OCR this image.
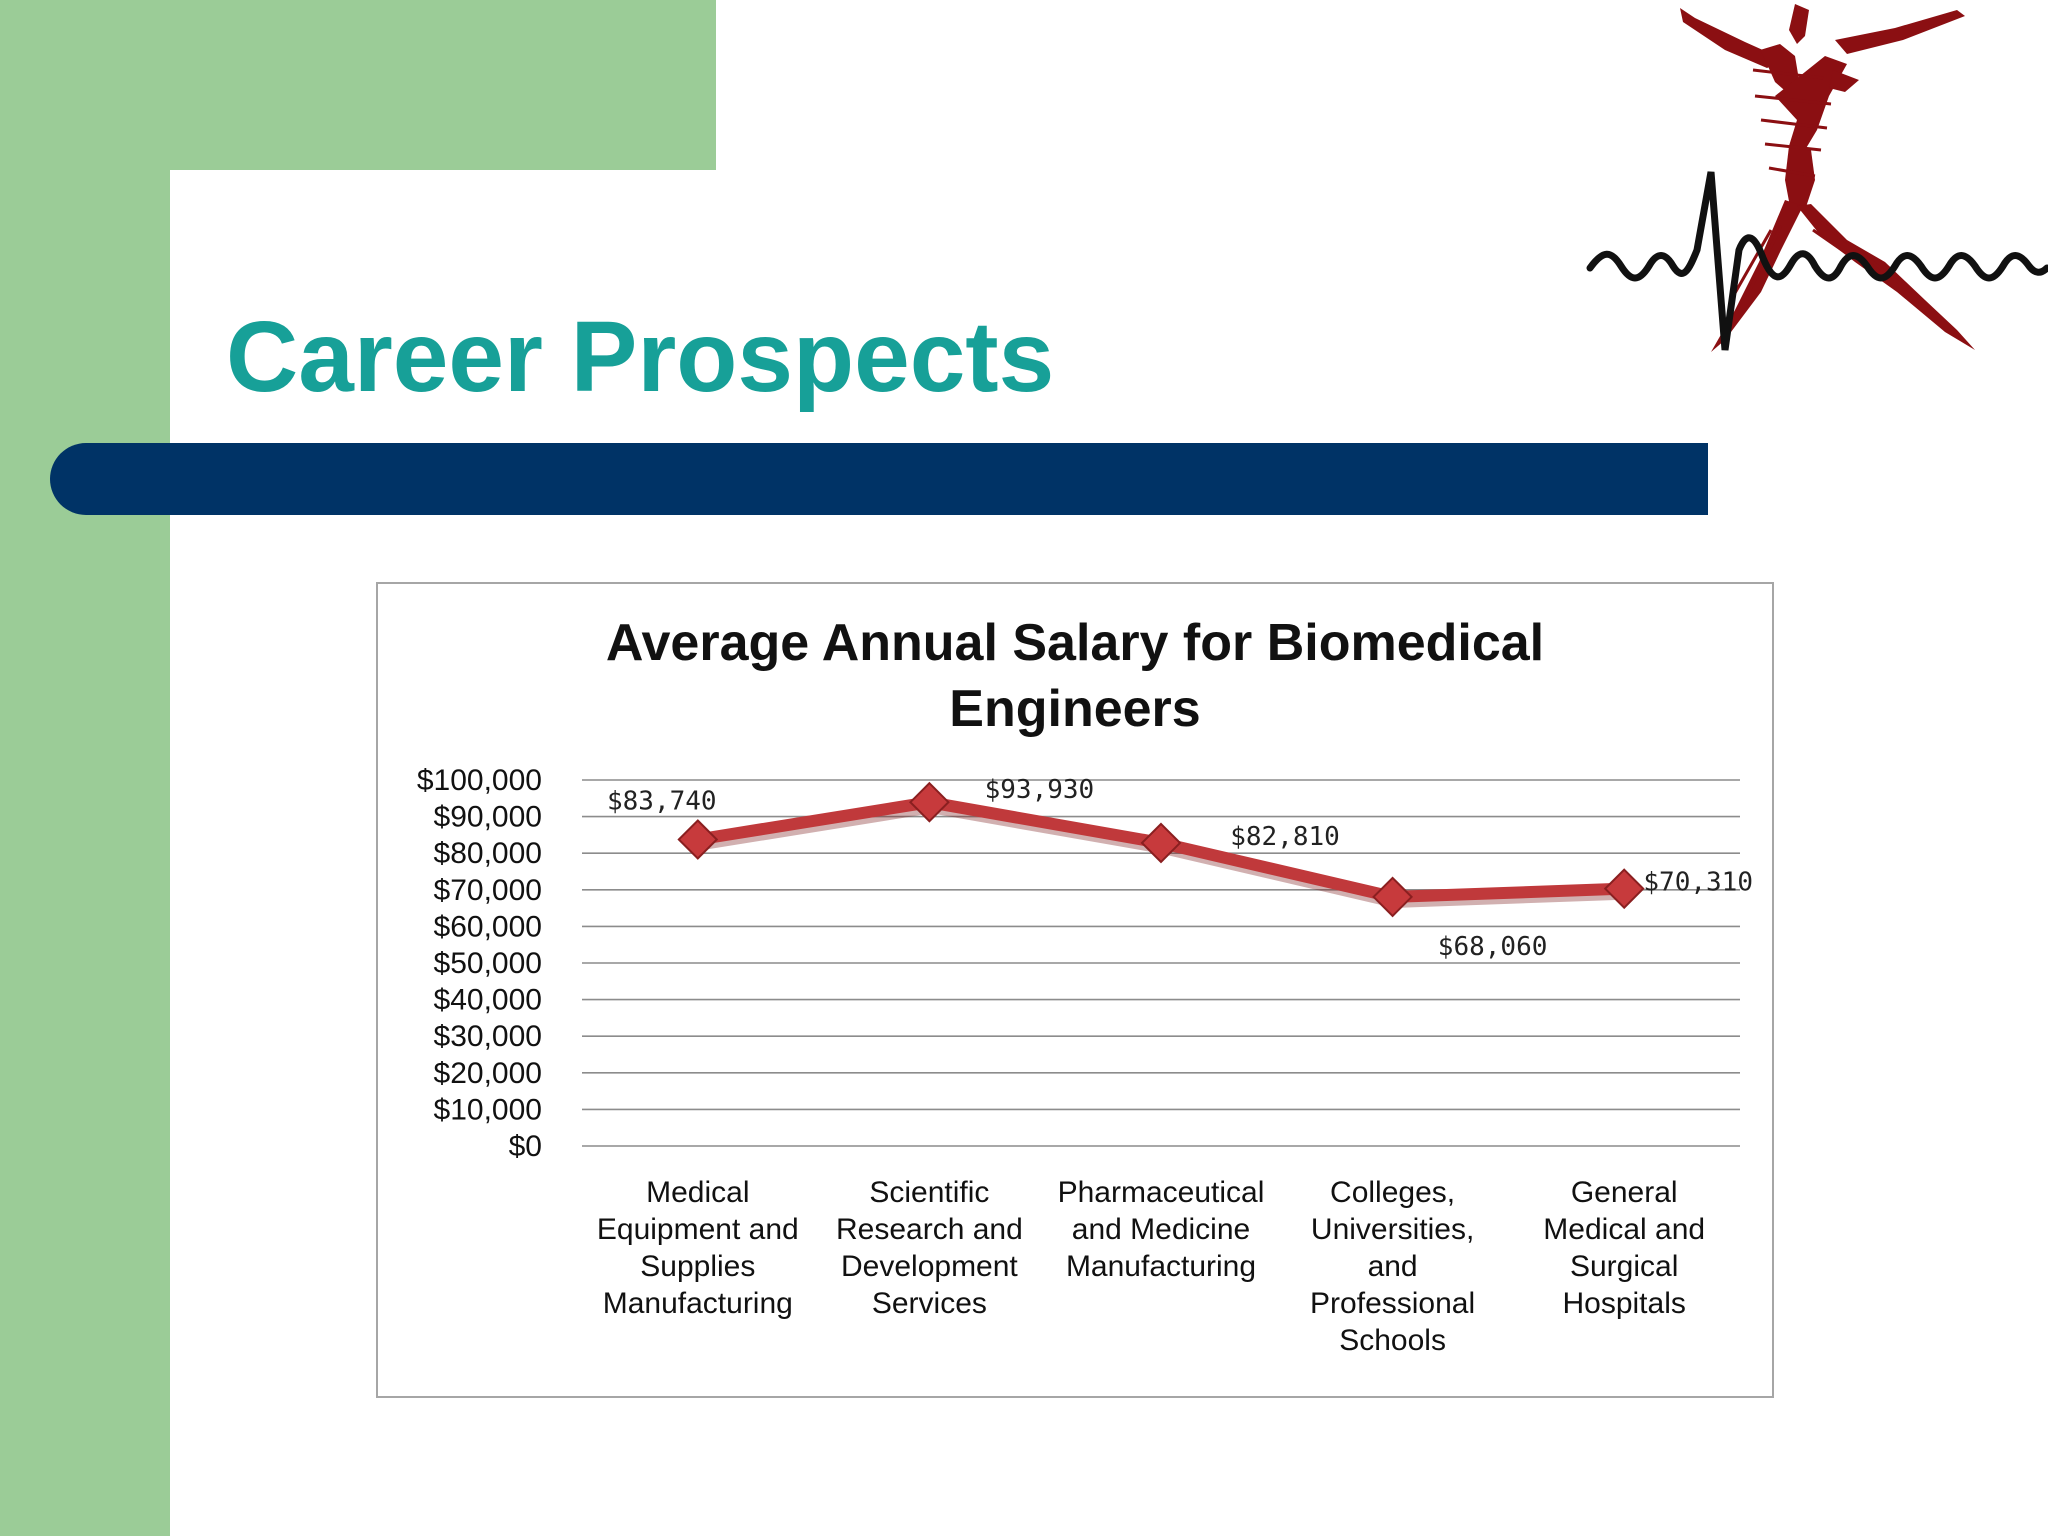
Career Prospects
Average Annual Salary for Biomedical
Engineers
$0
$10,000
$20,000
$30,000
$40,000
$50,000
$60,000
$70,000
$80,000
$90,000
$100,000
$83,740	$93,930
$82,810
$68,060
$70,310
Medical
Equipment and
Supplies
Manufacturing
Scientific
Research and
Development
Services
Pharmaceutical
and Medicine
Manufacturing
Colleges,
Universities,
and
Professional
Schools
General
Medical and
Surgical
Hospitals
